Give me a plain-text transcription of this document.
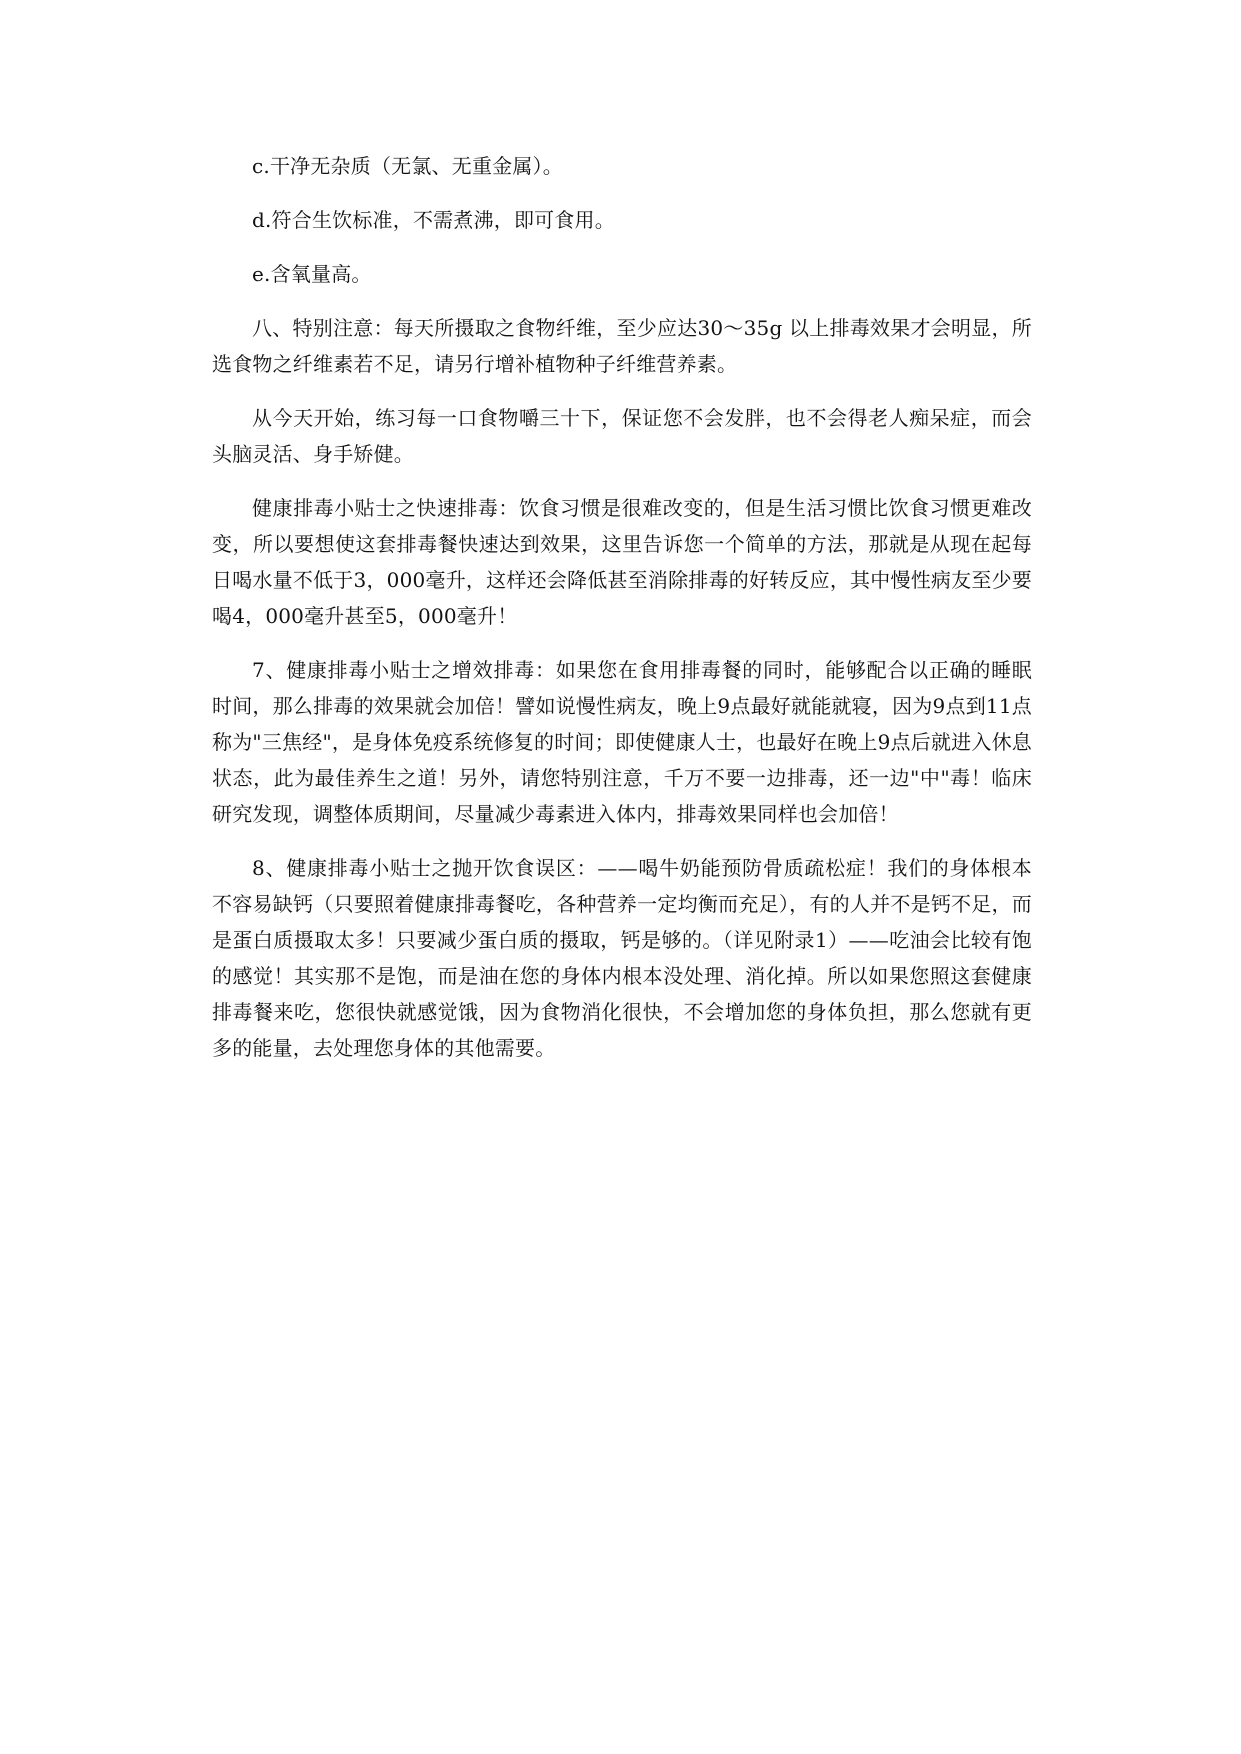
c.干净无杂质（无氯、无重金属）。

d.符合生饮标准，不需煮沸，即可食用。

e.含氧量高。

八、特别注意：每天所摄取之食物纤维，至少应达30～35g 以上排毒效果才会明显，所选食物之纤维素若不足，请另行增补植物种子纤维营养素。

从今天开始，练习每一口食物嚼三十下，保证您不会发胖，也不会得老人痴呆症，而会头脑灵活、身手矫健。

健康排毒小贴士之快速排毒：饮食习惯是很难改变的，但是生活习惯比饮食习惯更难改变，所以要想使这套排毒餐快速达到效果，这里告诉您一个简单的方法，那就是从现在起每日喝水量不低于3，000毫升，这样还会降低甚至消除排毒的好转反应，其中慢性病友至少要喝4，000毫升甚至5，000毫升！

7、健康排毒小贴士之增效排毒：如果您在食用排毒餐的同时，能够配合以正确的睡眠时间，那么排毒的效果就会加倍！譬如说慢性病友，晚上9点最好就能就寝，因为9点到11点称为"三焦经"，是身体免疫系统修复的时间；即使健康人士，也最好在晚上9点后就进入休息状态，此为最佳养生之道！另外，请您特别注意，千万不要一边排毒，还一边"中"毒！临床研究发现，调整体质期间，尽量减少毒素进入体内，排毒效果同样也会加倍！

8、健康排毒小贴士之抛开饮食误区：——喝牛奶能预防骨质疏松症！我们的身体根本不容易缺钙（只要照着健康排毒餐吃，各种营养一定均衡而充足），有的人并不是钙不足，而是蛋白质摄取太多！只要减少蛋白质的摄取，钙是够的。（详见附录1）——吃油会比较有饱的感觉！其实那不是饱，而是油在您的身体内根本没处理、消化掉。所以如果您照这套健康排毒餐来吃，您很快就感觉饿，因为食物消化很快，不会增加您的身体负担，那么您就有更多的能量，去处理您身体的其他需要。
